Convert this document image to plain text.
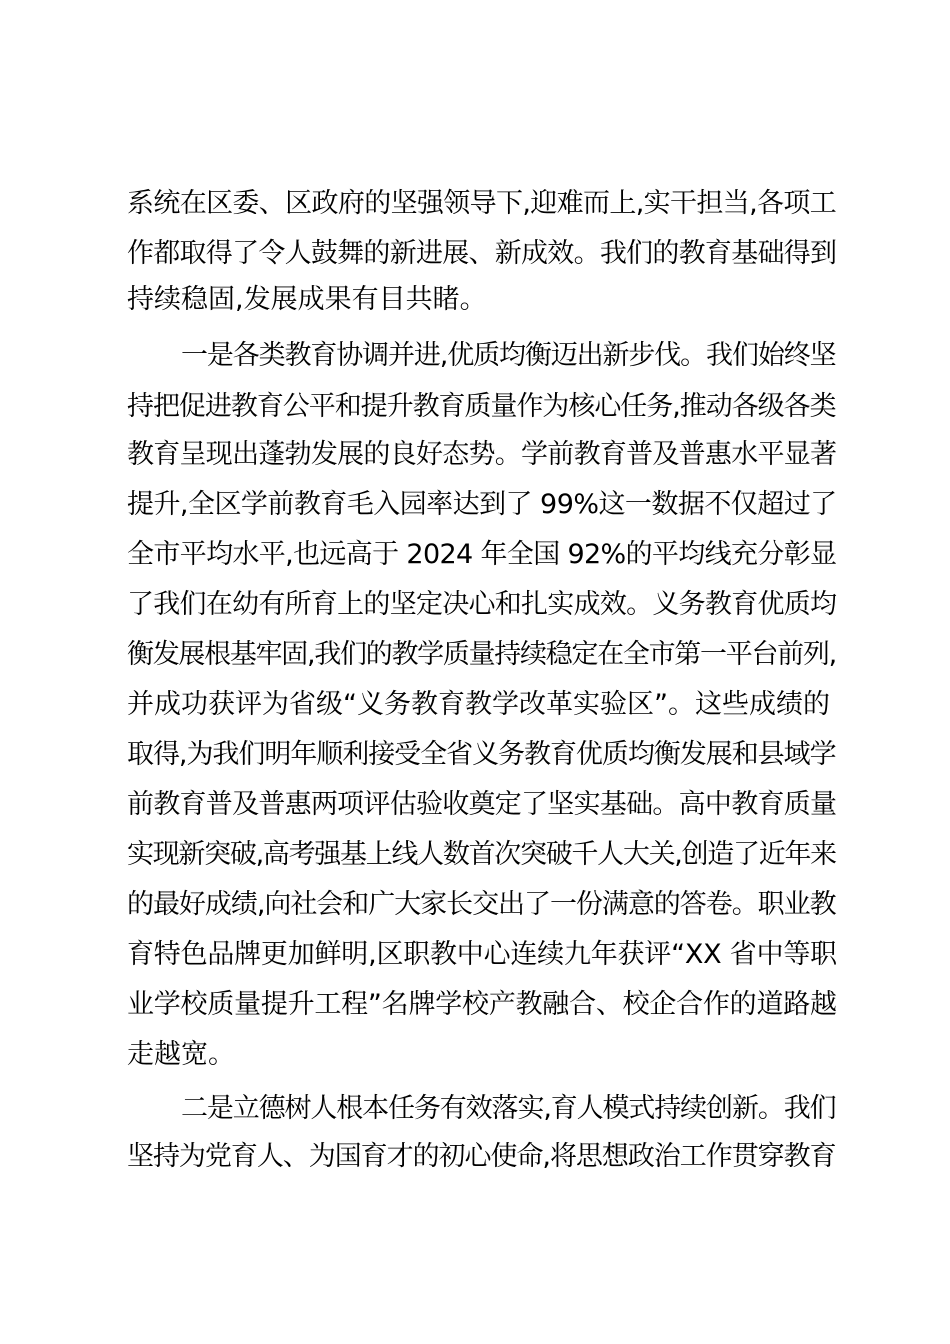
系统在区委、区政府的坚强领导下,迎难而上,实干担当,各项工
作都取得了令人鼓舞的新进展、新成效。我们的教育基础得到
持续稳固,发展成果有目共睹。
一是各类教育协调并进,优质均衡迈出新步伐。我们始终坚
持把促进教育公平和提升教育质量作为核心任务,推动各级各类
教育呈现出蓬勃发展的良好态势。学前教育普及普惠水平显著
提升,全区学前教育毛入园率达到了 99%这一数据不仅超过了
全市平均水平,也远高于 2024 年全国 92%的平均线充分彰显
了我们在幼有所育上的坚定决心和扎实成效。义务教育优质均
衡发展根基牢固,我们的教学质量持续稳定在全市第一平台前列,
并成功获评为省级“义务教育教学改革实验区”。这些成绩的
取得,为我们明年顺利接受全省义务教育优质均衡发展和县域学
前教育普及普惠两项评估验收奠定了坚实基础。高中教育质量
实现新突破,高考强基上线人数首次突破千人大关,创造了近年来
的最好成绩,向社会和广大家长交出了一份满意的答卷。职业教
育特色品牌更加鲜明,区职教中心连续九年获评“XX 省中等职
业学校质量提升工程”名牌学校产教融合、校企合作的道路越
走越宽。
二是立德树人根本任务有效落实,育人模式持续创新。我们
坚持为党育人、为国育才的初心使命,将思想政治工作贯穿教育
